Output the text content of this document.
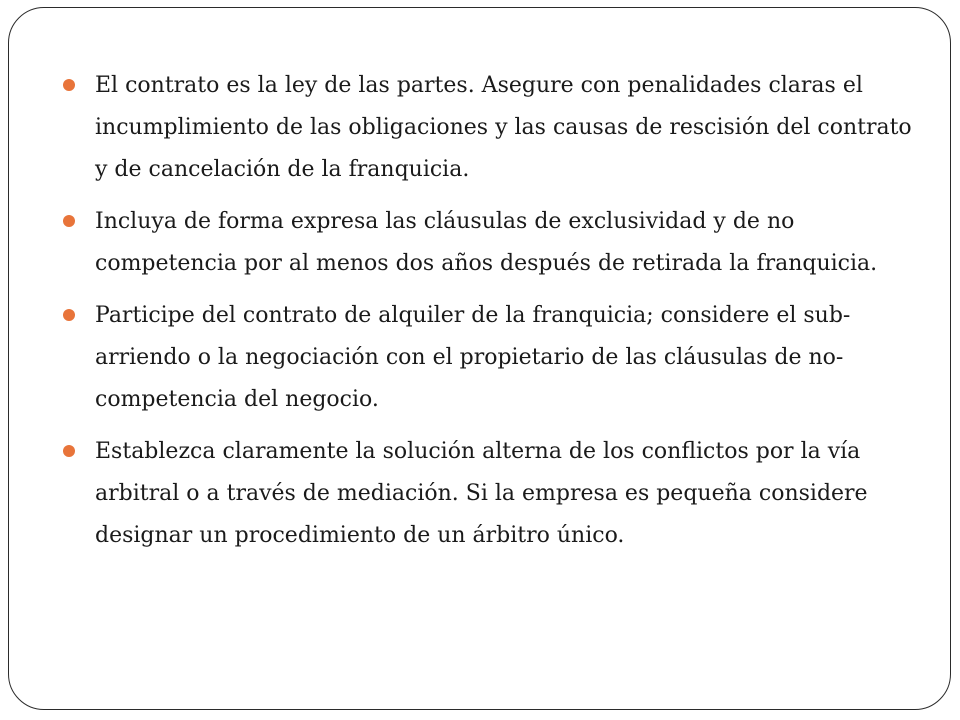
El contrato es la ley de las partes. Asegure con penalidades claras el incumplimiento de las obligaciones y las causas de rescisión del contrato y de cancelación de la franquicia.
Incluya de forma expresa las cláusulas de exclusividad y de no competencia por al menos dos años después de retirada la franquicia.
Participe del contrato de alquiler de la franquicia; considere el sub-arriendo o la negociación con el propietario de las cláusulas de no-competencia del negocio.
Establezca claramente la solución alterna de los conflictos por la vía arbitral o a través de mediación. Si la empresa es pequeña considere designar un procedimiento de un árbitro único.
